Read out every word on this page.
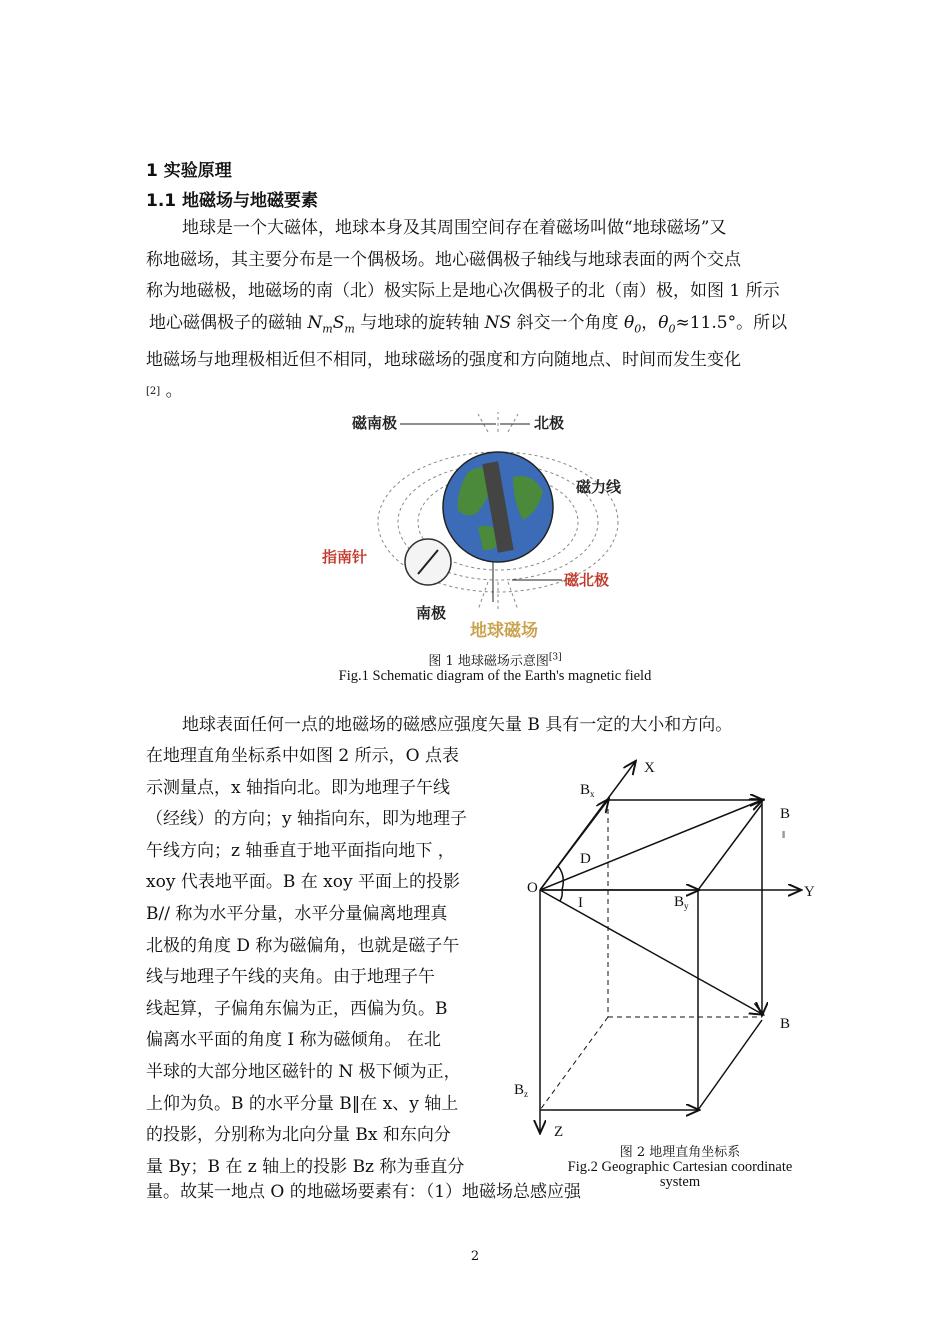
1 实验原理
1.1 地磁场与地磁要素

地球是一个大磁体，地球本身及其周围空间存在着磁场叫做“地球磁场”又

称地磁场，其主要分布是一个偶极场。地心磁偶极子轴线与地球表面的两个交点

称为地磁极，地磁场的南（北）极实际上是地心次偶极子的北（南）极，如图 1 所示

地心磁偶极子的磁轴 $N_mS_m$ 与地球的旋转轴 NS 斜交一个角度 $\theta_0$，$\theta_0\approx 11.5^\circ$。所以

地磁场与地理极相近但不相同，地球磁场的强度和方向随地点、时间而发生变化

[2] 。

磁南极	北极
磁力线
指南针
磁北极
南极
地球磁场
图 1 地球磁场示意图[3]
Fig.1 Schematic diagram of the Earth's magnetic field

地球表面任何一点的地磁场的磁感应强度矢量 B 具有一定的大小和方向。

在地理直角坐标系中如图 2 所示，O 点表
示测量点，x 轴指向北。即为地理子午线
（经线）的方向；y 轴指向东，即为地理子
午线方向；z 轴垂直于地平面指向地下 ，
xoy 代表地平面。B 在 xoy 平面上的投影
B// 称为水平分量，水平分量偏离地理真
北极的角度 D 称为磁偏角，也就是磁子午
线与地理子午线的夹角。由于地理子午
线起算，子偏角东偏为正，西偏为负。B
偏离水平面的角度 I 称为磁倾角。 在北
半球的大部分地区磁针的 N 极下倾为正，
上仰为负。B 的水平分量 B‖在 x、y 轴上
的投影，分别称为北向分量 Bx 和东向分
量 By；B 在 z 轴上的投影 Bz 称为垂直分
量。故某一地点 O 的地磁场要素有：（1）地磁场总感应强
X
Y
Z
O
D
I
$B_x$
$B_y$
$B_z$
B
‖
B
图 2 地理直角坐标系
Fig.2 Geographic Cartesian coordinate
system
2
